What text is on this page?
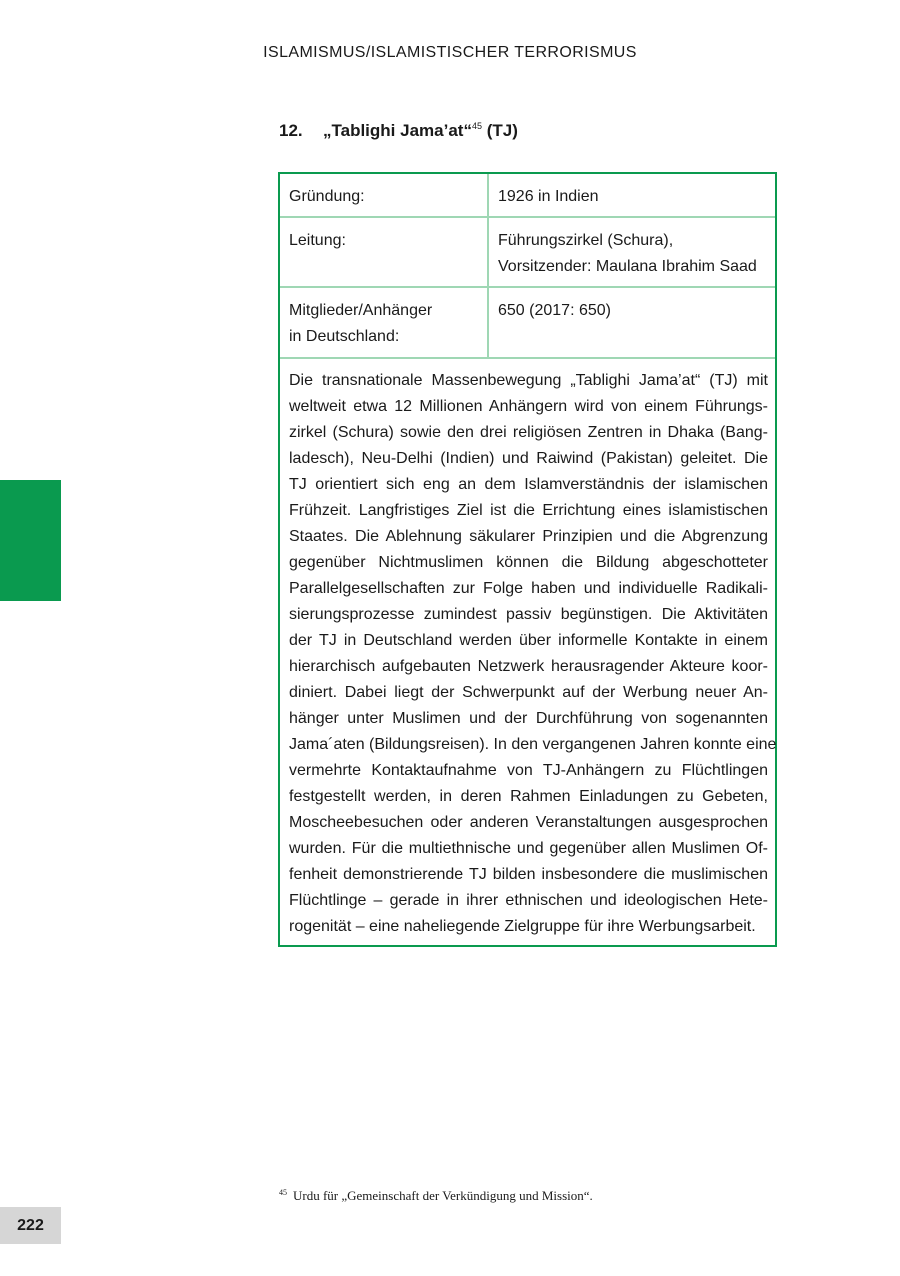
ISLAMISMUS/ISLAMISTISCHER TERRORISMUS
12. „Tablighi Jama’at“$^{45}$ (TJ)
Gründung:	1926 in Indien
Leitung:	Führungszirkel (Schura),
Vorsitzender: Maulana Ibrahim Saad
Mitglieder/Anhänger
in Deutschland:
650 (2017: 650)
Die transnationale Massenbewegung „Tablighi Jama’at“ (TJ) mit
weltweit etwa 12 Millionen Anhängern wird von einem Führungs-
zirkel (Schura) sowie den drei religiösen Zentren in Dhaka (Bang-
ladesch), Neu-Delhi (Indien) und Raiwind (Pakistan) geleitet. Die
TJ orientiert sich eng an dem Islamverständnis der islamischen
Frühzeit. Langfristiges Ziel ist die Errichtung eines islamistischen
Staates. Die Ablehnung säkularer Prinzipien und die Abgrenzung
gegenüber Nichtmuslimen können die Bildung abgeschotteter
Parallelgesellschaften zur Folge haben und individuelle Radikali-
sierungsprozesse zumindest passiv begünstigen. Die Aktivitäten
der TJ in Deutschland werden über informelle Kontakte in einem
hierarchisch aufgebauten Netzwerk herausragender Akteure koor-
diniert. Dabei liegt der Schwerpunkt auf der Werbung neuer An-
hänger unter Muslimen und der Durchführung von sogenannten
Jama´aten (Bildungsreisen). In den vergangenen Jahren konnte eine
vermehrte Kontaktaufnahme von TJ-Anhängern zu Flüchtlingen
festgestellt werden, in deren Rahmen Einladungen zu Gebeten,
Moscheebesuchen oder anderen Veranstaltungen ausgesprochen
wurden. Für die multiethnische und gegenüber allen Muslimen Of-
fenheit demonstrierende TJ bilden insbesondere die muslimischen
Flüchtlinge – gerade in ihrer ethnischen und ideologischen Hete-
rogenität – eine naheliegende Zielgruppe für ihre Werbungsarbeit.
$^{45}$ Urdu für „Gemeinschaft der Verkündigung und Mission“.
222
